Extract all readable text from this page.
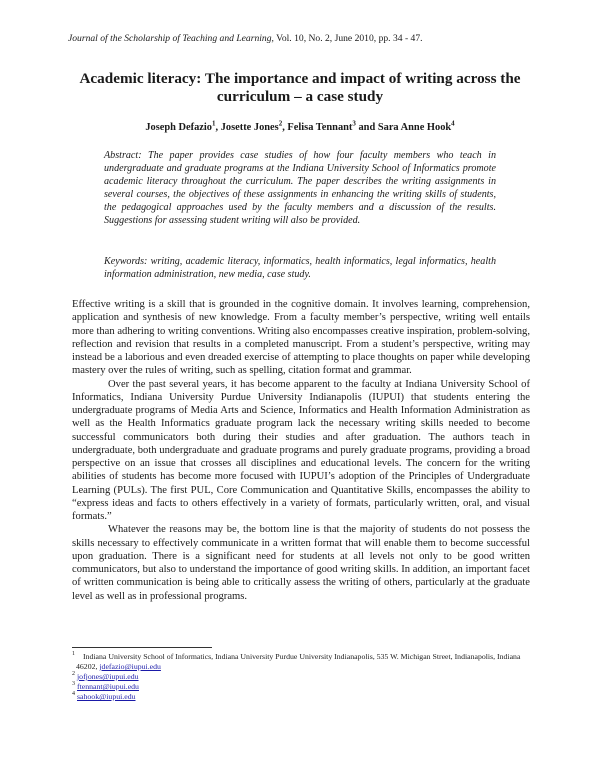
Journal of the Scholarship of Teaching and Learning, Vol. 10, No. 2, June 2010, pp. 34 - 47.
Academic literacy: The importance and impact of writing across the curriculum – a case study
Joseph Defazio$^1$, Josette Jones$^2$, Felisa Tennant$^3$ and Sara Anne Hook$^4$

Abstract: The paper provides case studies of how four faculty members who teach in undergraduate and graduate programs at the Indiana University School of Informatics promote academic literacy throughout the curriculum. The paper describes the writing assignments in several courses, the objectives of these assignments in enhancing the writing skills of students, the pedagogical approaches used by the faculty members and a discussion of the results. Suggestions for assessing student writing will also be provided.

Keywords: writing, academic literacy, informatics, health informatics, legal informatics, health information administration, new media, case study.

Effective writing is a skill that is grounded in the cognitive domain. It involves learning, comprehension, application and synthesis of new knowledge. From a faculty member’s perspective, writing well entails more than adhering to writing conventions. Writing also encompasses creative inspiration, problem-solving, reflection and revision that results in a completed manuscript. From a student’s perspective, writing may instead be a laborious and even dreaded exercise of attempting to place thoughts on paper while developing mastery over the rules of writing, such as spelling, citation format and grammar.

Over the past several years, it has become apparent to the faculty at Indiana University School of Informatics, Indiana University Purdue University Indianapolis (IUPUI) that students entering the undergraduate programs of Media Arts and Science, Informatics and Health Information Administration as well as the Health Informatics graduate program lack the necessary writing skills needed to become successful communicators both during their studies and after graduation. The authors teach in undergraduate, both undergraduate and graduate programs and purely graduate programs, providing a broad perspective on an issue that crosses all disciplines and educational levels. The concern for the writing abilities of students has become more focused with IUPUI’s adoption of the Principles of Undergraduate Learning (PULs). The first PUL, Core Communication and Quantitative Skills, encompasses the ability to “express ideas and facts to others effectively in a variety of formats, particularly written, oral, and visual formats.”

Whatever the reasons may be, the bottom line is that the majority of students do not possess the skills necessary to effectively communicate in a written format that will enable them to become successful upon graduation. There is a significant need for students at all levels not only to be good written communicators, but also to understand the importance of good writing skills. In addition, an important facet of written communication is being able to critically assess the writing of others, particularly at the graduate level as well as in professional programs.

$^1$ Indiana University School of Informatics, Indiana University Purdue University Indianapolis, 535 W. Michigan Street, Indianapolis, Indiana 46202, jdefazio@iupui.edu

$^2$ jofjones@iupui.edu

$^3$ ftennant@iupui.edu

$^4$ sahook@iupui.edu
